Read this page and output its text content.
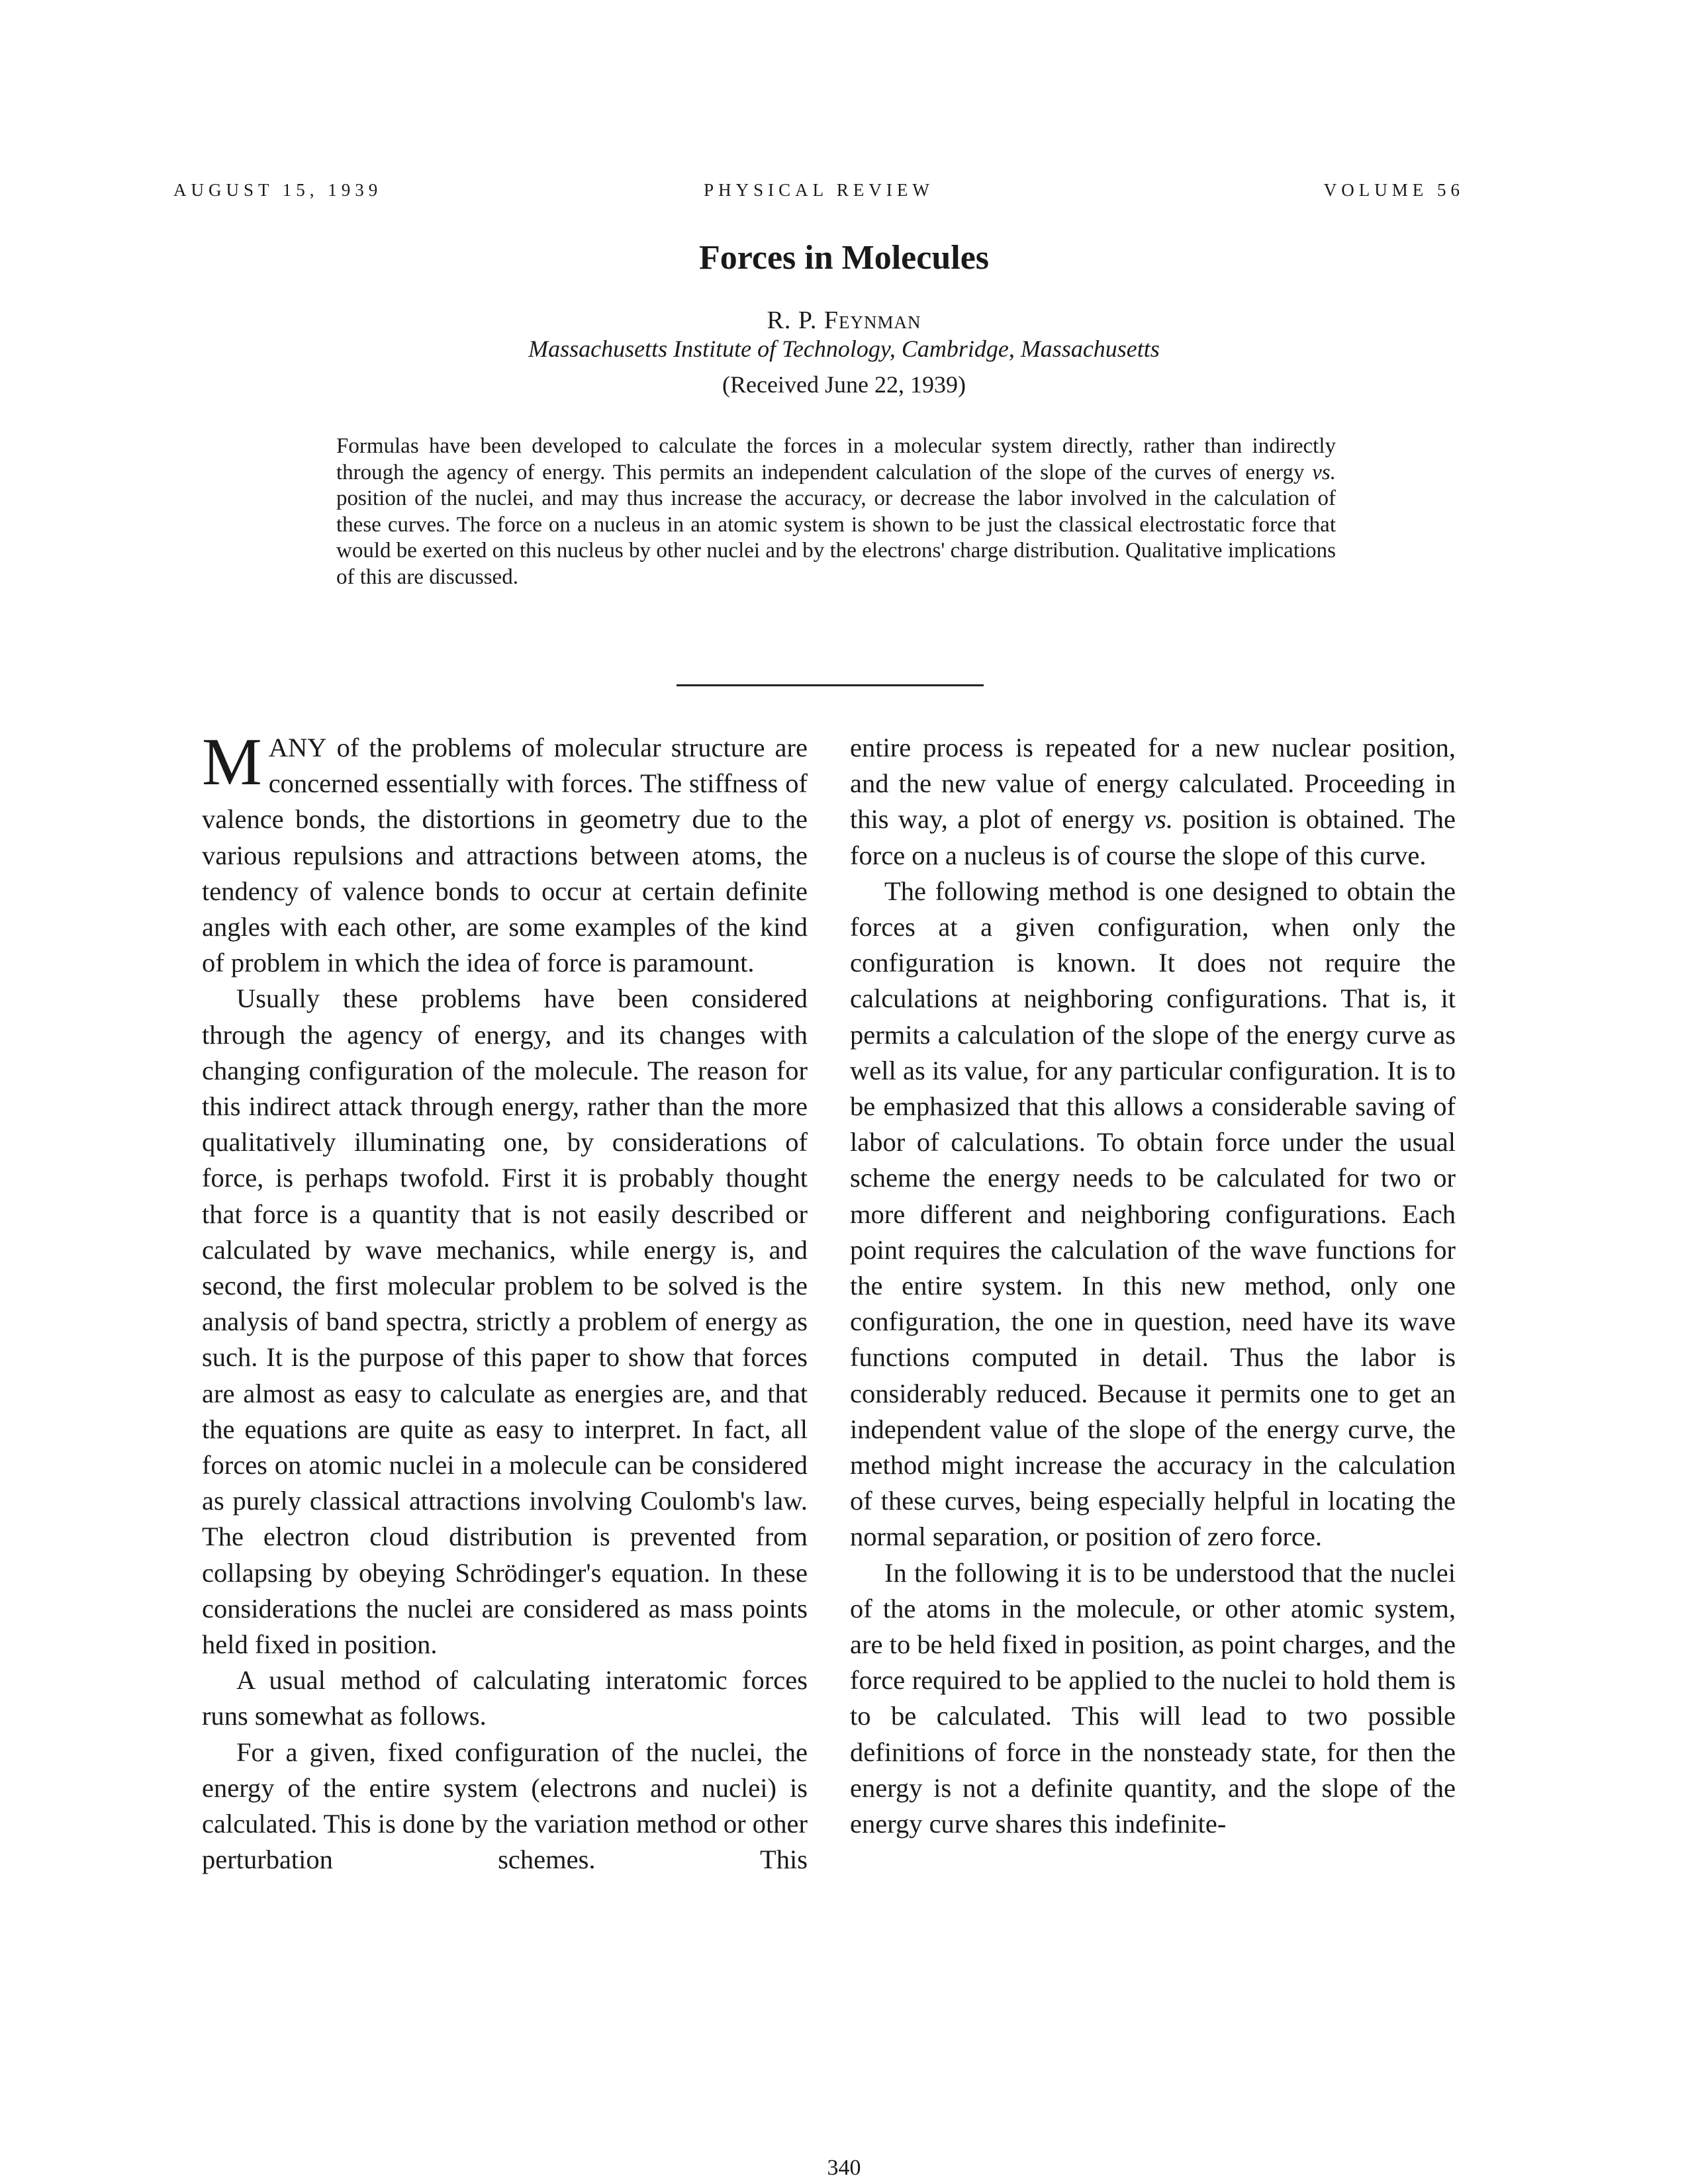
AUGUST 15, 1939	PHYSICAL REVIEW	VOLUME 56
Forces in Molecules
R. P. Feynman
Massachusetts Institute of Technology, Cambridge, Massachusetts
(Received June 22, 1939)

Formulas have been developed to calculate the forces in a molecular system directly, rather than indirectly through the agency of energy. This permits an independent calculation of the slope of the curves of energy vs. position of the nuclei, and may thus increase the accuracy, or decrease the labor involved in the calculation of these curves. The force on a nucleus in an atomic system is shown to be just the classical electrostatic force that would be exerted on this nucleus by other nuclei and by the electrons' charge distribution. Qualitative implications of this are discussed.

MANY of the problems of molecular structure are concerned essentially with forces. The stiffness of valence bonds, the distortions in geometry due to the various repulsions and attractions between atoms, the tendency of valence bonds to occur at certain definite angles with each other, are some examples of the kind of problem in which the idea of force is paramount.

Usually these problems have been considered through the agency of energy, and its changes with changing configuration of the molecule. The reason for this indirect attack through energy, rather than the more qualitatively illuminating one, by considerations of force, is perhaps twofold. First it is probably thought that force is a quantity that is not easily described or calculated by wave mechanics, while energy is, and second, the first molecular problem to be solved is the analysis of band spectra, strictly a problem of energy as such. It is the purpose of this paper to show that forces are almost as easy to calculate as energies are, and that the equations are quite as easy to interpret. In fact, all forces on atomic nuclei in a molecule can be considered as purely classical attractions involving Coulomb's law. The electron cloud distribution is prevented from collapsing by obeying Schrödinger's equation. In these considerations the nuclei are considered as mass points held fixed in position.

A usual method of calculating interatomic forces runs somewhat as follows.

For a given, fixed configuration of the nuclei, the energy of the entire system (electrons and nuclei) is calculated. This is done by the variation method or other perturbation schemes. This

entire process is repeated for a new nuclear position, and the new value of energy calculated. Proceeding in this way, a plot of energy vs. position is obtained. The force on a nucleus is of course the slope of this curve.

The following method is one designed to obtain the forces at a given configuration, when only the configuration is known. It does not require the calculations at neighboring configurations. That is, it permits a calculation of the slope of the energy curve as well as its value, for any particular configuration. It is to be emphasized that this allows a considerable saving of labor of calculations. To obtain force under the usual scheme the energy needs to be calculated for two or more different and neighboring configurations. Each point requires the calculation of the wave functions for the entire system. In this new method, only one configuration, the one in question, need have its wave functions computed in detail. Thus the labor is considerably reduced. Because it permits one to get an independent value of the slope of the energy curve, the method might increase the accuracy in the calculation of these curves, being especially helpful in locating the normal separation, or position of zero force.

In the following it is to be understood that the nuclei of the atoms in the molecule, or other atomic system, are to be held fixed in position, as point charges, and the force required to be applied to the nuclei to hold them is to be calculated. This will lead to two possible definitions of force in the nonsteady state, for then the energy is not a definite quantity, and the slope of the energy curve shares this indefinite-

340
